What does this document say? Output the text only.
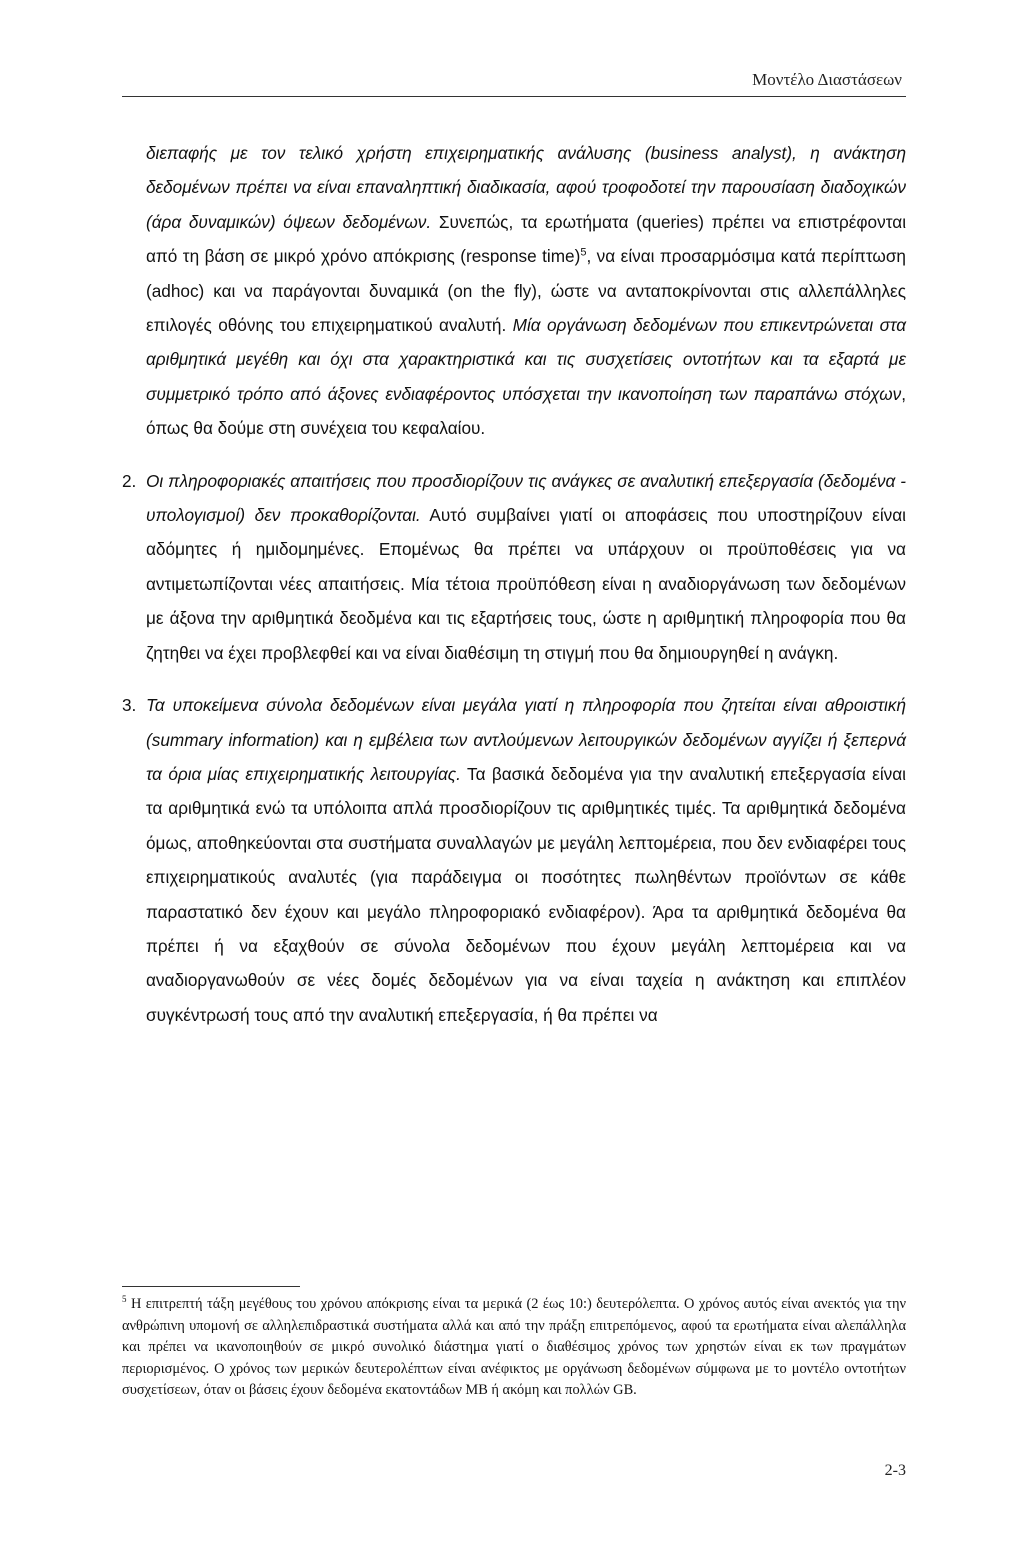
Μοντέλο Διαστάσεων

διεπαφής με τον τελικό χρήστη επιχειρηματικής ανάλυσης (business analyst), η ανάκτηση δεδομένων πρέπει να είναι επαναληπτική διαδικασία, αφού τροφοδοτεί την παρουσίαση διαδοχικών (άρα δυναμικών) όψεων δεδομένων. Συνεπώς, τα ερωτήματα (queries) πρέπει να επιστρέφονται από τη βάση σε μικρό χρόνο απόκρισης (response time)$^5$, να είναι προσαρμόσιμα κατά περίπτωση (adhoc) και να παράγονται δυναμικά (on the fly), ώστε να ανταποκρίνονται στις αλλεπάλληλες επιλογές οθόνης του επιχειρηματικού αναλυτή. Μία οργάνωση δεδομένων που επικεντρώνεται στα αριθμητικά μεγέθη και όχι στα χαρακτηριστικά και τις συσχετίσεις οντοτήτων και τα εξαρτά με συμμετρικό τρόπο από άξονες ενδιαφέροντος υπόσχεται την ικανοποίηση των παραπάνω στόχων, όπως θα δούμε στη συνέχεια του κεφαλαίου.

2. Οι πληροφοριακές απαιτήσεις που προσδιορίζουν τις ανάγκες σε αναλυτική επεξεργασία (δεδομένα - υπολογισμοί) δεν προκαθορίζονται. Αυτό συμβαίνει γιατί οι αποφάσεις που υποστηρίζουν είναι αδόμητες ή ημιδομημένες. Επομένως θα πρέπει να υπάρχουν οι προϋποθέσεις για να αντιμετωπίζονται νέες απαιτήσεις. Μία τέτοια προϋπόθεση είναι η αναδιοργάνωση των δεδομένων με άξονα την αριθμητικά δεοδμένα και τις εξαρτήσεις τους, ώστε η αριθμητική πληροφορία που θα ζητηθει να έχει προβλεφθεί και να είναι διαθέσιμη τη στιγμή που θα δημιουργηθεί η ανάγκη.

3. Τα υποκείμενα σύνολα δεδομένων είναι μεγάλα γιατί η πληροφορία που ζητείται είναι αθροιστική (summary information) και η εμβέλεια των αντλούμενων λειτουργικών δεδομένων αγγίζει ή ξεπερνά τα όρια μίας επιχειρηματικής λειτουργίας. Τα βασικά δεδομένα για την αναλυτική επεξεργασία είναι τα αριθμητικά ενώ τα υπόλοιπα απλά προσδιορίζουν τις αριθμητικές τιμές. Τα αριθμητικά δεδομένα όμως, αποθηκεύονται στα συστήματα συναλλαγών με μεγάλη λεπτομέρεια, που δεν ενδιαφέρει τους επιχειρηματικούς αναλυτές (για παράδειγμα οι ποσότητες πωληθέντων προϊόντων σε κάθε παραστατικό δεν έχουν και μεγάλο πληροφοριακό ενδιαφέρον). Άρα τα αριθμητικά δεδομένα θα πρέπει ή να εξαχθούν σε σύνολα δεδομένων που έχουν μεγάλη λεπτομέρεια και να αναδιοργανωθούν σε νέες δομές δεδομένων για να είναι ταχεία η ανάκτηση και επιπλέον συγκέντρωσή τους από την αναλυτική επεξεργασία, ή θα πρέπει να

$^5$ Η επιτρεπτή τάξη μεγέθους του χρόνου απόκρισης είναι τα μερικά (2 έως 10:) δευτερόλεπτα. Ο χρόνος αυτός είναι ανεκτός για την ανθρώπινη υπομονή σε αλληλεπιδραστικά συστήματα αλλά και από την πράξη επιτρεπόμενος, αφού τα ερωτήματα είναι αλεπάλληλα και πρέπει να ικανοποιηθούν σε μικρό συνολικό διάστημα γιατί ο διαθέσιμος χρόνος των χρηστών είναι εκ των πραγμάτων περιορισμένος. Ο χρόνος των μερικών δευτερολέπτων είναι ανέφικτος με οργάνωση δεδομένων σύμφωνα με το μοντέλο οντοτήτων συσχετίσεων, όταν οι βάσεις έχουν δεδομένα εκατοντάδων MB ή ακόμη και πολλών GB.
2-3
